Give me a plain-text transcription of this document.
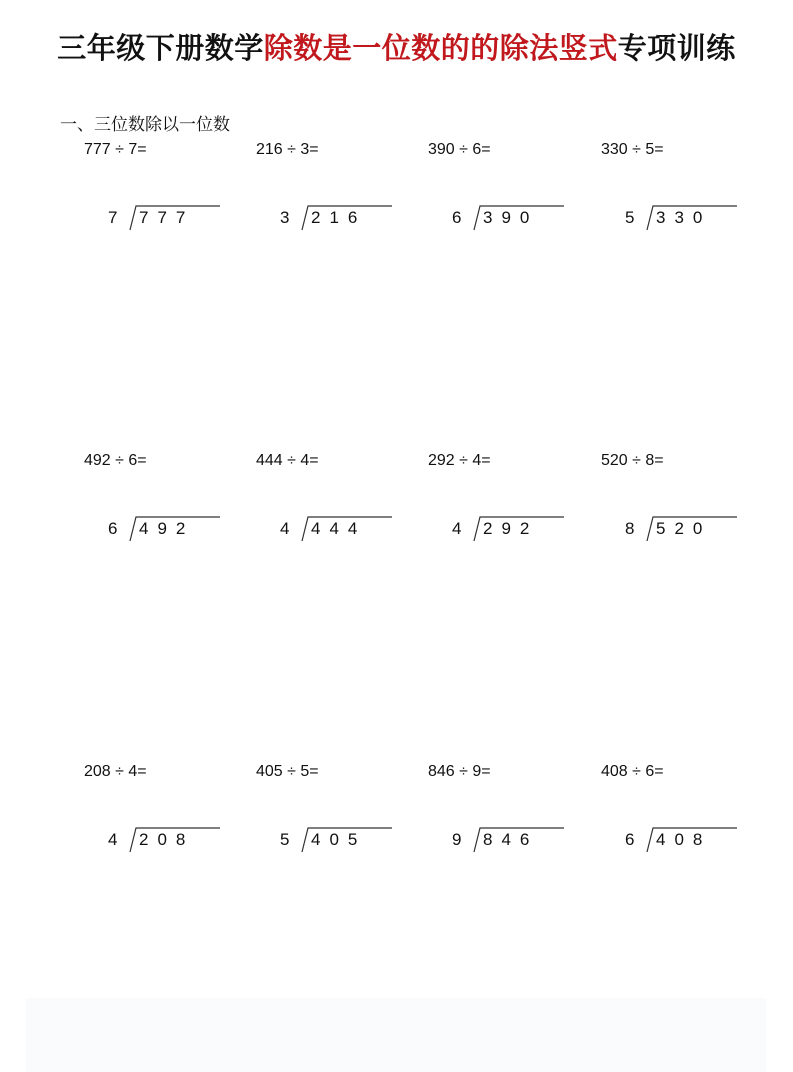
三年级下册数学除数是一位数的的除法竖式专项训练
一、三位数除以一位数
777 ÷ 7=
7 777
216 ÷ 3=
3 216
390 ÷ 6=
6 390
330 ÷ 5=
5 330
492 ÷ 6=
6 492
444 ÷ 4=
4 444
292 ÷ 4=
4 292
520 ÷ 8=
8 520
208 ÷ 4=
4 208
405 ÷ 5=
5 405
846 ÷ 9=
9 846
408 ÷ 6=
6 408
